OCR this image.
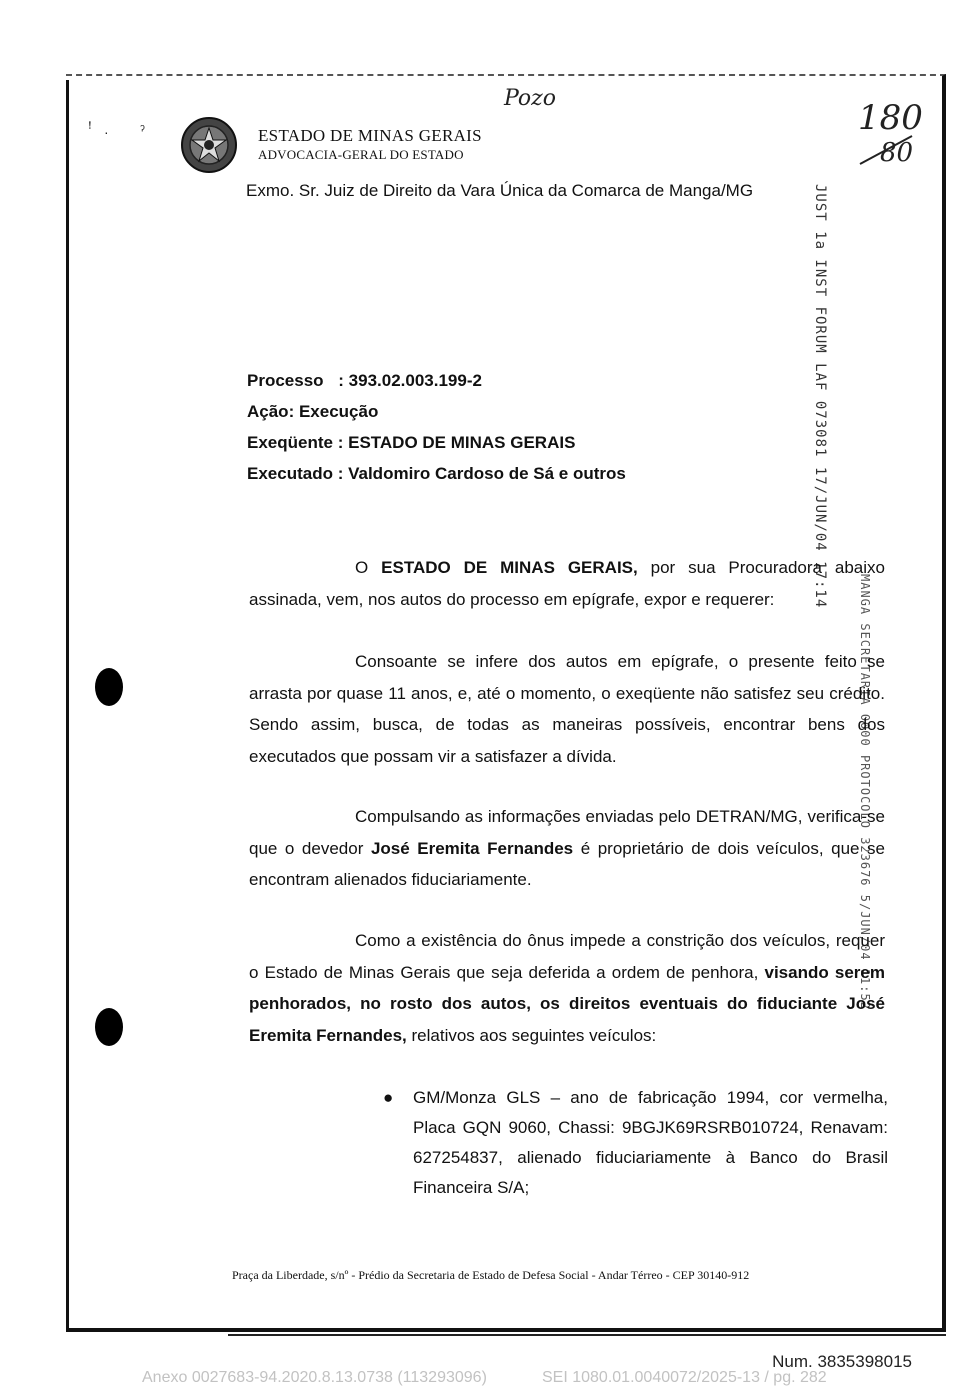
ꜝ · ˀ	ESTADO DE MINAS GERAIS
ADVOCACIA-GERAL DO ESTADO
Pozo	180
80
Exmo. Sr. Juiz de Direito da Vara Única da Comarca de Manga/MG	JUST 1a INST FORUM LAF 073081 17/JUN/04 17:14
MANGA SECRETARIA 0000 PROTOCOLO 323676 5/JUN/04 11:52
Processo : 393.02.003.199-2
Ação: Execução
Exeqüente : ESTADO DE MINAS GERAIS
Executado : Valdomiro Cardoso de Sá e outros
O ESTADO DE MINAS GERAIS, por sua Procuradora abaixo assinada, vem, nos autos do processo em epígrafe, expor e requerer:
Consoante se infere dos autos em epígrafe, o presente feito se arrasta por quase 11 anos, e, até o momento, o exeqüente não satisfez seu crédito. Sendo assim, busca, de todas as maneiras possíveis, encontrar bens dos executados que possam vir a satisfazer a dívida.
Compulsando as informações enviadas pelo DETRAN/MG, verifica-se que o devedor José Eremita Fernandes é proprietário de dois veículos, que se encontram alienados fiduciariamente.
Como a existência do ônus impede a constrição dos veículos, requer o Estado de Minas Gerais que seja deferida a ordem de penhora, visando serem penhorados, no rosto dos autos, os direitos eventuais do fiduciante José Eremita Fernandes, relativos aos seguintes veículos:
● GM/Monza GLS – ano de fabricação 1994, cor vermelha, Placa GQN 9060, Chassi: 9BGJK69RSRB010724, Renavam: 627254837, alienado fiduciariamente à Banco do Brasil Financeira S/A;
Praça da Liberdade, s/nº - Prédio da Secretaria de Estado de Defesa Social - Andar Térreo - CEP 30140-912
Num. 3835398015
Anexo 0027683-94.2020.8.13.0738 (113293096)	SEI 1080.01.0040072/2025-13 / pg. 282
